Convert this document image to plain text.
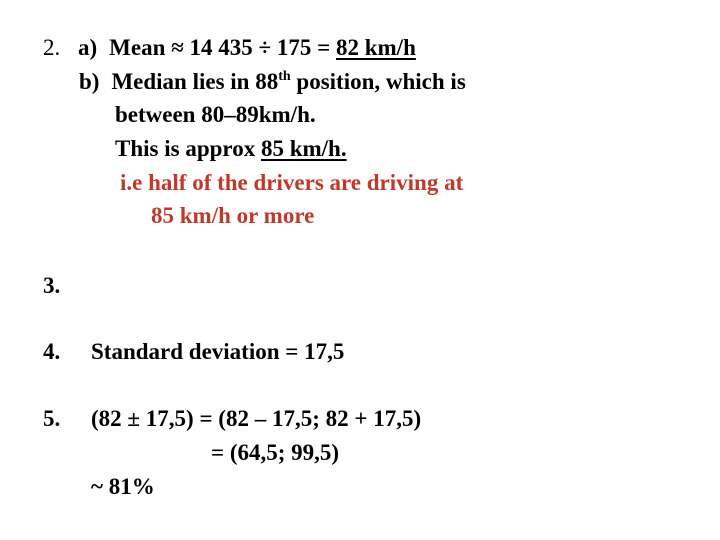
2. a) Mean ≈ 14 435 ÷ 175 = 82 km/h
b) Median lies in 88th position, which is
between 80–89km/h.
This is approx 85 km/h.
i.e half of the drivers are driving at
85 km/h or more
3.
4. Standard deviation = 17,5
5. (82 ± 17,5) = (82 – 17,5; 82 + 17,5)
= (64,5; 99,5)
~ 81%
